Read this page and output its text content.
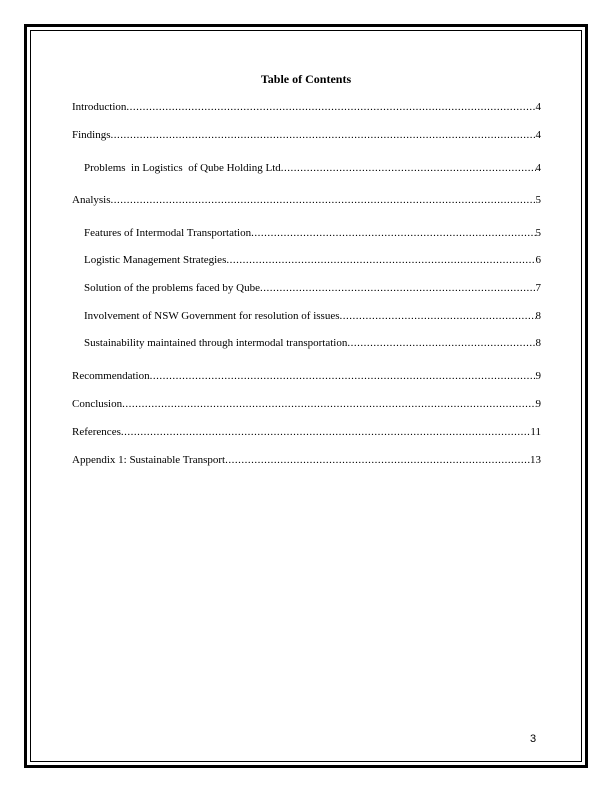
Table of Contents
Introduction .....	4
Findings .....	4
Problems  in Logistics  of Qube Holding Ltd .....	4
Analysis .....	5
Features of Intermodal Transportation .....	5
Logistic Management Strategies .....	6
Solution of the problems faced by Qube .....	7
Involvement of NSW Government for resolution of issues .....	8
Sustainability maintained through intermodal transportation .....	8
Recommendation .....	9
Conclusion .....	9
References .....	11
Appendix 1: Sustainable Transport .....	13
3
